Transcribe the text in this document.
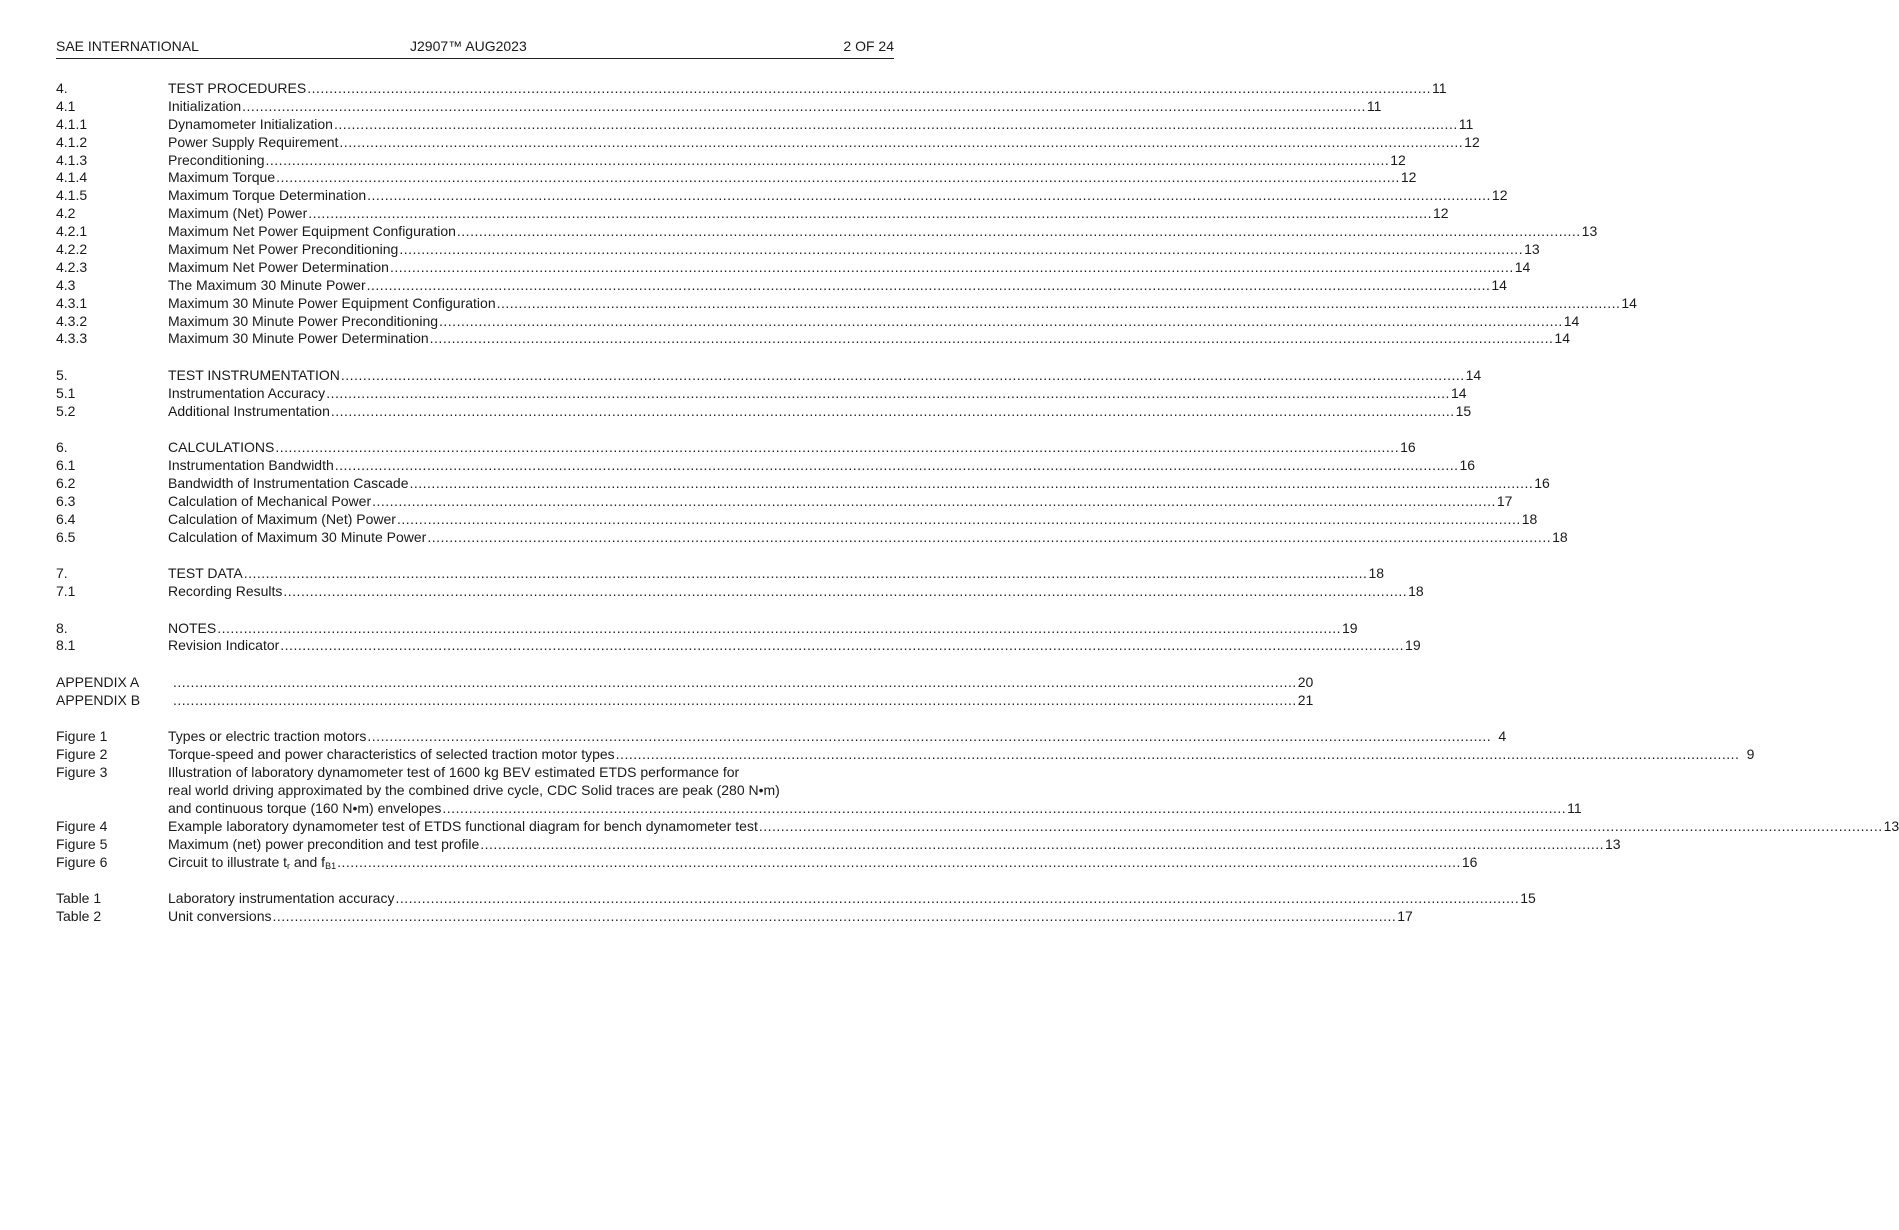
SAE INTERNATIONAL	J2907™ AUG2023	2 OF 24
4.	TEST PROCEDURES .....	11
4.1	Initialization .....	11
4.1.1	Dynamometer Initialization .....	11
4.1.2	Power Supply Requirement .....	12
4.1.3	Preconditioning .....	12
4.1.4	Maximum Torque .....	12
4.1.5	Maximum Torque Determination .....	12
4.2	Maximum (Net) Power .....	12
4.2.1	Maximum Net Power Equipment Configuration .....	13
4.2.2	Maximum Net Power Preconditioning .....	13
4.2.3	Maximum Net Power Determination .....	14
4.3	The Maximum 30 Minute Power .....	14
4.3.1	Maximum 30 Minute Power Equipment Configuration .....	14
4.3.2	Maximum 30 Minute Power Preconditioning .....	14
4.3.3	Maximum 30 Minute Power Determination .....	14
5.	TEST INSTRUMENTATION .....	14
5.1	Instrumentation Accuracy .....	14
5.2	Additional Instrumentation .....	15
6.	CALCULATIONS .....	16
6.1	Instrumentation Bandwidth .....	16
6.2	Bandwidth of Instrumentation Cascade .....	16
6.3	Calculation of Mechanical Power .....	17
6.4	Calculation of Maximum (Net) Power .....	18
6.5	Calculation of Maximum 30 Minute Power .....	18
7.	TEST DATA .....	18
7.1	Recording Results .....	18
8.	NOTES .....	19
8.1	Revision Indicator .....	19
APPENDIX A .....	20
APPENDIX B .....	21
Figure 1	Types or electric traction motors .....	4
Figure 2	Torque-speed and power characteristics of selected traction motor types .....	9
Figure 3	Illustration of laboratory dynamometer test of 1600 kg BEV estimated ETDS performance for
real world driving approximated by the combined drive cycle, CDC Solid traces are peak (280 N•m)
and continuous torque (160 N•m) envelopes .....	11
Figure 4	Example laboratory dynamometer test of ETDS functional diagram for bench dynamometer test .....	13
Figure 5	Maximum (net) power precondition and test profile .....	13
Figure 6	Circuit to illustrate $t_r$ and $f_{B1}$ .....	16
Table 1	Laboratory instrumentation accuracy .....	15
Table 2	Unit conversions .....	17
